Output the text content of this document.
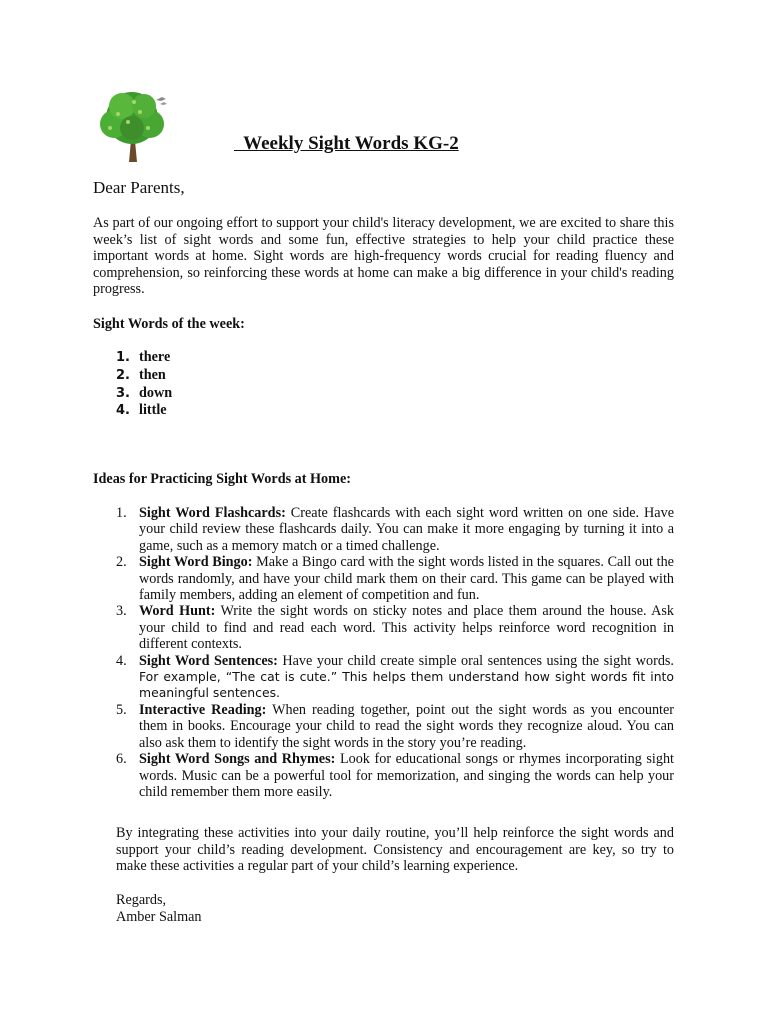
Weekly Sight Words KG-2
Dear Parents,
As part of our ongoing effort to support your child's literacy development, we are excited to share this week’s list of sight words and some fun, effective strategies to help your child practice these important words at home. Sight words are high-frequency words crucial for reading fluency and comprehension, so reinforcing these words at home can make a big difference in your child's reading progress.
Sight Words of the week:
1. there
2. then
3. down
4. little
Ideas for Practicing Sight Words at Home:
1. Sight Word Flashcards: Create flashcards with each sight word written on one side. Have your child review these flashcards daily. You can make it more engaging by turning it into a game, such as a memory match or a timed challenge.
2. Sight Word Bingo: Make a Bingo card with the sight words listed in the squares. Call out the words randomly, and have your child mark them on their card. This game can be played with family members, adding an element of competition and fun.
3. Word Hunt: Write the sight words on sticky notes and place them around the house. Ask your child to find and read each word. This activity helps reinforce word recognition in different contexts.
4. Sight Word Sentences: Have your child create simple oral sentences using the sight words. For example, “The cat is cute.” This helps them understand how sight words fit into meaningful sentences.
5. Interactive Reading: When reading together, point out the sight words as you encounter them in books. Encourage your child to read the sight words they recognize aloud. You can also ask them to identify the sight words in the story you’re reading.
6. Sight Word Songs and Rhymes: Look for educational songs or rhymes incorporating sight words. Music can be a powerful tool for memorization, and singing the words can help your child remember them more easily.
By integrating these activities into your daily routine, you’ll help reinforce the sight words and support your child’s reading development. Consistency and encouragement are key, so try to make these activities a regular part of your child’s learning experience.
Regards,
Amber Salman
